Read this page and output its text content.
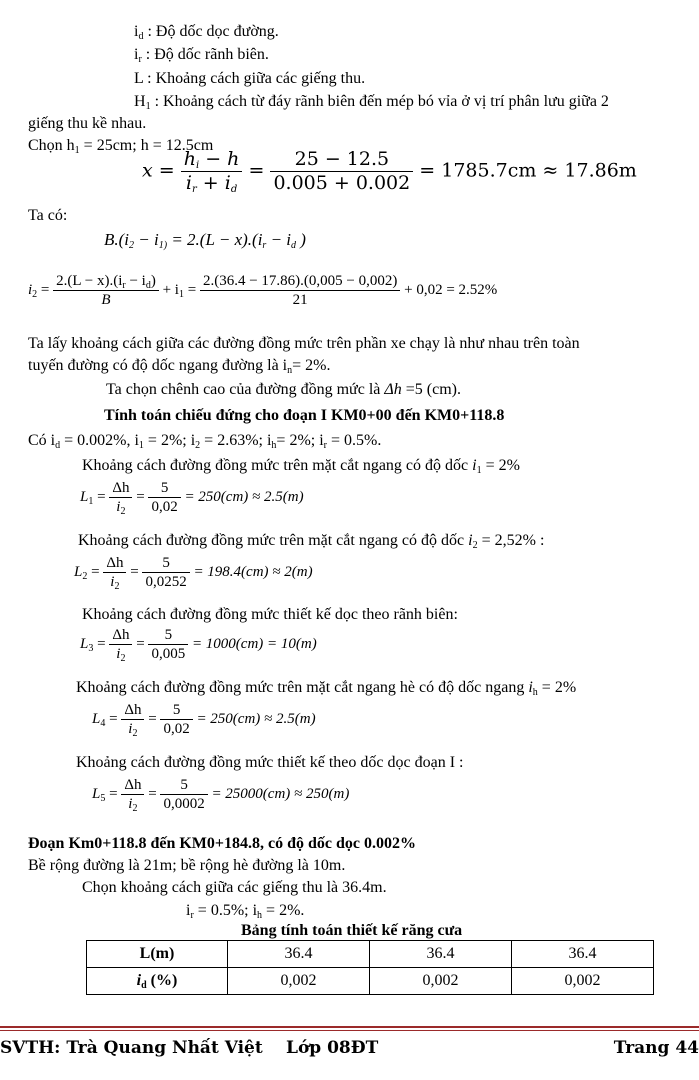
$i_d$ : Độ dốc dọc đường.
$i_r$ : Độ dốc rãnh biên.
L : Khoảng cách giữa các giếng thu.
$H_1$ : Khoảng cách từ đáy rãnh biên đến mép bó vỉa ở vị trí phân lưu giữa 2
giếng thu kề nhau.
Chọn $h_1 = 25cm$; h = 12.5cm
$x = \frac{h_i - h}{i_r + i_d} = \frac{25 - 12.5}{0.005 + 0.002} = 1785.7cm \approx 17.86m$
Ta có:
$B.(i_2 - i_{1)} = 2.(L - x).(i_r - i_d$ )
$i_2 = \frac{2.(L - x).(i_r - i_d)}{B} + i_1 = \frac{2.(36.4 - 17.86).(0,005 - 0,002)}{21} + 0,02 = 2.52\%$
Ta lấy khoảng cách giữa các đường đồng mức trên phần xe chạy là như nhau trên toàn
tuyến đường có độ dốc ngang đường là $i_n= 2\%$.
Ta chọn chênh cao của đường đồng mức là Δh =5 (cm).
Tính toán chiếu đứng cho đoạn I KM0+00 đến KM0+118.8
Có $i_d = 0.002\%$, $i_1 = 2\%$; $i_2 = 2.63\%$; $i_h= 2\%$; $i_r = 0.5\%$.
Khoảng cách đường đồng mức trên mặt cắt ngang có độ dốc $i_1 = 2\%$
$L_1 = \frac{\Delta h}{i_2} = \frac{5}{0,02} = 250(cm) \approx 2.5(m)$
Khoảng cách đường đồng mức trên mặt cắt ngang có độ dốc $i_2 = 2,52\%$ :
$L_2 = \frac{\Delta h}{i_2} = \frac{5}{0,0252} = 198.4(cm) \approx 2(m)$
Khoảng cách đường đồng mức thiết kế dọc theo rãnh biên:
$L_3 = \frac{\Delta h}{i_2} = \frac{5}{0,005} = 1000(cm) = 10(m)$
Khoảng cách đường đồng mức trên mặt cắt ngang hè có độ dốc ngang $i_h = 2\%$
$L_4 = \frac{\Delta h}{i_2} = \frac{5}{0,02} = 250(cm) \approx 2.5(m)$
Khoảng cách đường đồng mức thiết kế theo dốc dọc đoạn I :
$L_5 = \frac{\Delta h}{i_2} = \frac{5}{0,0002} = 25000(cm) \approx 250(m)$
Đoạn Km0+118.8 đến KM0+184.8, có độ dốc dọc 0.002%
Bề rộng đường là 21m; bề rộng hè đường là 10m.
Chọn khoảng cách giữa các giếng thu là 36.4m.
$i_r = 0.5\%$; $i_h = 2\%$.
Bảng tính toán thiết kế răng cưa
L(m)	36.4	36.4	36.4
$i_d$ (%)	0,002	0,002	0,002
SVTH: Trà Quang Nhất Việt Lớp 08ĐT	Trang 44
